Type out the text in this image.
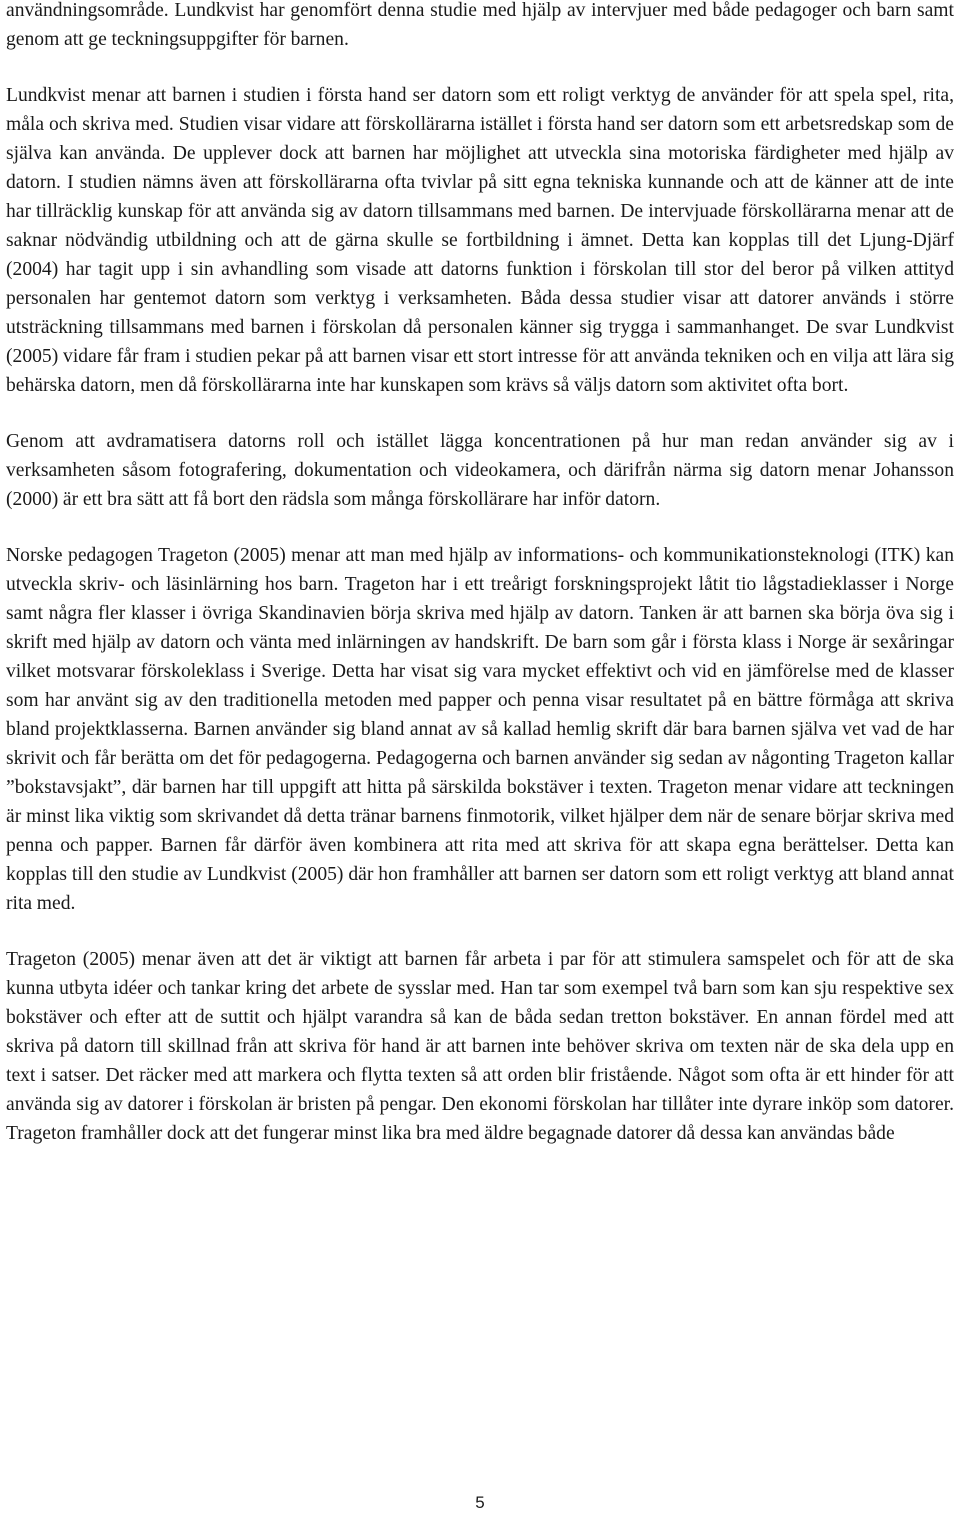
användningsområde. Lundkvist har genomfört denna studie med hjälp av intervjuer med både pedagoger och barn samt genom att ge teckningsuppgifter för barnen.

Lundkvist menar att barnen i studien i första hand ser datorn som ett roligt verktyg de använder för att spela spel, rita, måla och skriva med. Studien visar vidare att förskollärarna istället i första hand ser datorn som ett arbetsredskap som de själva kan använda. De upplever dock att barnen har möjlighet att utveckla sina motoriska färdigheter med hjälp av datorn. I studien nämns även att förskollärarna ofta tvivlar på sitt egna tekniska kunnande och att de känner att de inte har tillräcklig kunskap för att använda sig av datorn tillsammans med barnen. De intervjuade förskollärarna menar att de saknar nödvändig utbildning och att de gärna skulle se fortbildning i ämnet. Detta kan kopplas till det Ljung-Djärf (2004) har tagit upp i sin avhandling som visade att datorns funktion i förskolan till stor del beror på vilken attityd personalen har gentemot datorn som verktyg i verksamheten. Båda dessa studier visar att datorer används i större utsträckning tillsammans med barnen i förskolan då personalen känner sig trygga i sammanhanget. De svar Lundkvist (2005) vidare får fram i studien pekar på att barnen visar ett stort intresse för att använda tekniken och en vilja att lära sig behärska datorn, men då förskollärarna inte har kunskapen som krävs så väljs datorn som aktivitet ofta bort.

Genom att avdramatisera datorns roll och istället lägga koncentrationen på hur man redan använder sig av i verksamheten såsom fotografering, dokumentation och videokamera, och därifrån närma sig datorn menar Johansson (2000) är ett bra sätt att få bort den rädsla som många förskollärare har inför datorn.

Norske pedagogen Trageton (2005) menar att man med hjälp av informations- och kommunikationsteknologi (ITK) kan utveckla skriv- och läsinlärning hos barn. Trageton har i ett treårigt forskningsprojekt låtit tio lågstadieklasser i Norge samt några fler klasser i övriga Skandinavien börja skriva med hjälp av datorn. Tanken är att barnen ska börja öva sig i skrift med hjälp av datorn och vänta med inlärningen av handskrift. De barn som går i första klass i Norge är sexåringar vilket motsvarar förskoleklass i Sverige. Detta har visat sig vara mycket effektivt och vid en jämförelse med de klasser som har använt sig av den traditionella metoden med papper och penna visar resultatet på en bättre förmåga att skriva bland projektklasserna. Barnen använder sig bland annat av så kallad hemlig skrift där bara barnen själva vet vad de har skrivit och får berätta om det för pedagogerna. Pedagogerna och barnen använder sig sedan av någonting Trageton kallar ”bokstavsjakt”, där barnen har till uppgift att hitta på särskilda bokstäver i texten. Trageton menar vidare att teckningen är minst lika viktig som skrivandet då detta tränar barnens finmotorik, vilket hjälper dem när de senare börjar skriva med penna och papper. Barnen får därför även kombinera att rita med att skriva för att skapa egna berättelser. Detta kan kopplas till den studie av Lundkvist (2005) där hon framhåller att barnen ser datorn som ett roligt verktyg att bland annat rita med.

Trageton (2005) menar även att det är viktigt att barnen får arbeta i par för att stimulera samspelet och för att de ska kunna utbyta idéer och tankar kring det arbete de sysslar med. Han tar som exempel två barn som kan sju respektive sex bokstäver och efter att de suttit och hjälpt varandra så kan de båda sedan tretton bokstäver. En annan fördel med att skriva på datorn till skillnad från att skriva för hand är att barnen inte behöver skriva om texten när de ska dela upp en text i satser. Det räcker med att markera och flytta texten så att orden blir fristående. Något som ofta är ett hinder för att använda sig av datorer i förskolan är bristen på pengar. Den ekonomi förskolan har tillåter inte dyrare inköp som datorer. Trageton framhåller dock att det fungerar minst lika bra med äldre begagnade datorer då dessa kan användas både

5
